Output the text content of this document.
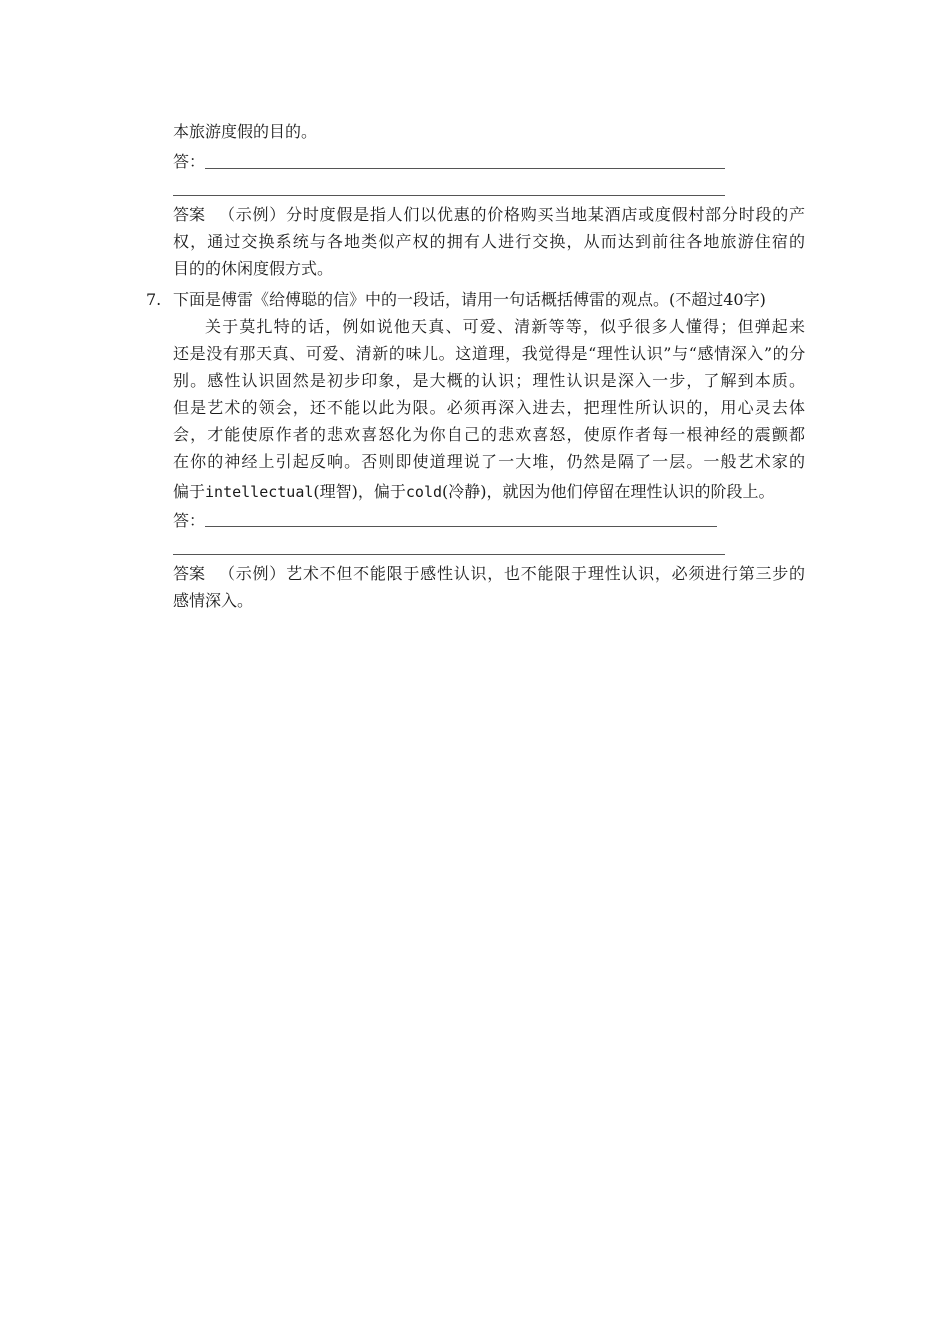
本旅游度假的目的。
答：
答案 （示例）分时度假是指人们以优惠的价格购买当地某酒店或度假村部分时段的产
权，通过交换系统与各地类似产权的拥有人进行交换，从而达到前往各地旅游住宿的
目的的休闲度假方式。
7. 下面是傅雷《给傅聪的信》中的一段话，请用一句话概括傅雷的观点。(不超过40字)
关于莫扎特的话，例如说他天真、可爱、清新等等，似乎很多人懂得；但弹起来
还是没有那天真、可爱、清新的味儿。这道理，我觉得是“理性认识”与“感情深入”的分
别。感性认识固然是初步印象，是大概的认识；理性认识是深入一步，了解到本质。
但是艺术的领会，还不能以此为限。必须再深入进去，把理性所认识的，用心灵去体
会，才能使原作者的悲欢喜怒化为你自己的悲欢喜怒，使原作者每一根神经的震颤都
在你的神经上引起反响。否则即使道理说了一大堆，仍然是隔了一层。一般艺术家的
偏于intellectual(理智)，偏于cold(冷静)，就因为他们停留在理性认识的阶段上。
答：
答案 （示例）艺术不但不能限于感性认识，也不能限于理性认识，必须进行第三步的
感情深入。
